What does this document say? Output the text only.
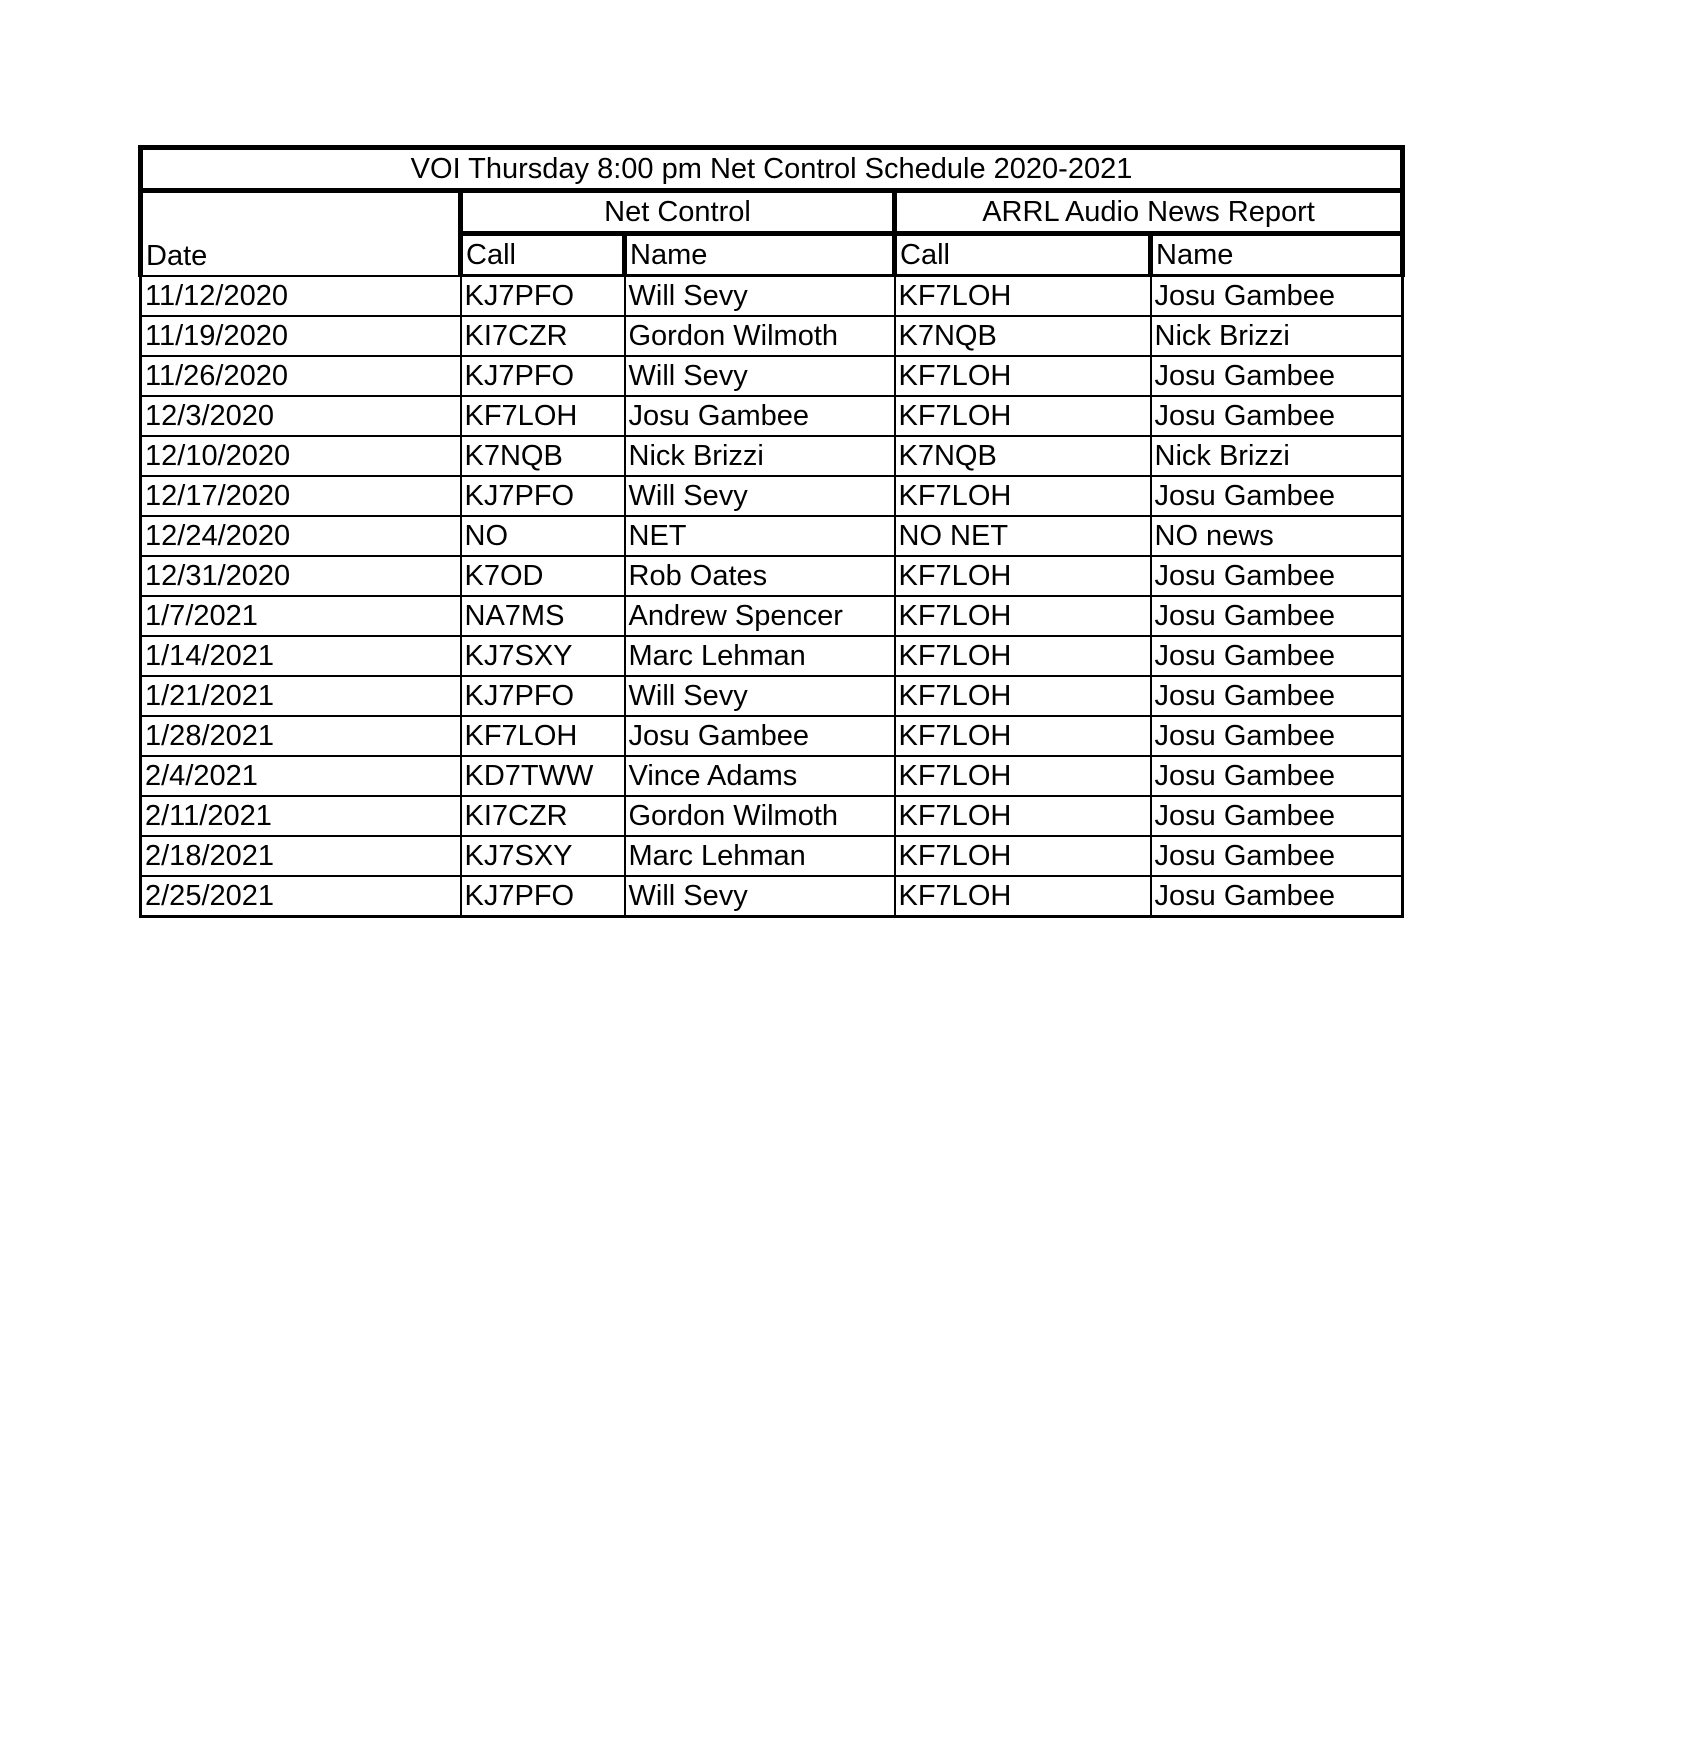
VOI Thursday 8:00 pm Net Control Schedule 2020-2021				
Date	Net Control		ARRL Audio News Report	
	Call	Name	Call	Name
11/12/2020	KJ7PFO	Will Sevy	KF7LOH	Josu Gambee
11/19/2020	KI7CZR	Gordon Wilmoth	K7NQB	Nick Brizzi
11/26/2020	KJ7PFO	Will Sevy	KF7LOH	Josu Gambee
12/3/2020	KF7LOH	Josu Gambee	KF7LOH	Josu Gambee
12/10/2020	K7NQB	Nick Brizzi	K7NQB	Nick Brizzi
12/17/2020	KJ7PFO	Will Sevy	KF7LOH	Josu Gambee
12/24/2020	NO	NET	NO NET	NO news
12/31/2020	K7OD	Rob Oates	KF7LOH	Josu Gambee
1/7/2021	NA7MS	Andrew Spencer	KF7LOH	Josu Gambee
1/14/2021	KJ7SXY	Marc Lehman	KF7LOH	Josu Gambee
1/21/2021	KJ7PFO	Will Sevy	KF7LOH	Josu Gambee
1/28/2021	KF7LOH	Josu Gambee	KF7LOH	Josu Gambee
2/4/2021	KD7TWW	Vince Adams	KF7LOH	Josu Gambee
2/11/2021	KI7CZR	Gordon Wilmoth	KF7LOH	Josu Gambee
2/18/2021	KJ7SXY	Marc Lehman	KF7LOH	Josu Gambee
2/25/2021	KJ7PFO	Will Sevy	KF7LOH	Josu Gambee
